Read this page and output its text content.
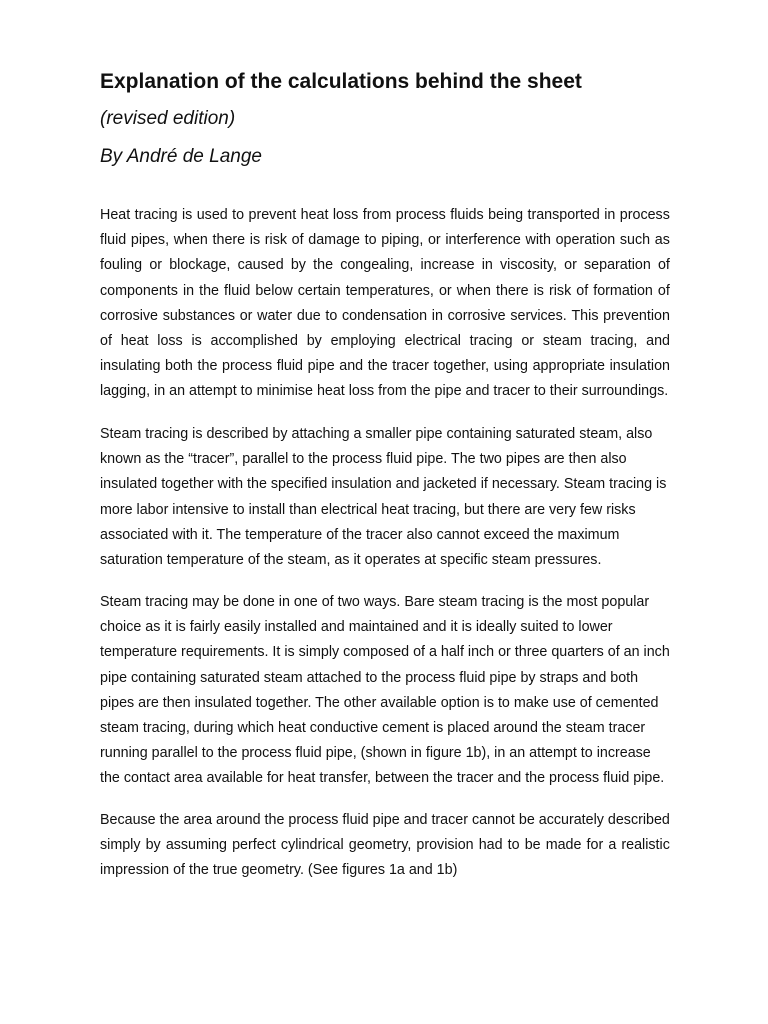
Explanation of the calculations behind the sheet
(revised edition)
By André de Lange
Heat tracing is used to prevent heat loss from process fluids being transported in process
fluid pipes, when there is risk of damage to piping, or interference with operation such as
fouling or blockage, caused by the congealing, increase in viscosity, or separation of
components in the fluid below certain temperatures, or when there is risk of formation of
corrosive substances or water due to condensation in corrosive services. This prevention
of heat loss is accomplished by employing electrical tracing or steam tracing, and
insulating both the process fluid pipe and the tracer together, using appropriate insulation
lagging, in an attempt to minimise heat loss from the pipe and tracer to their surroundings.
Steam tracing is described by attaching a smaller pipe containing saturated steam, also
known as the “tracer”, parallel to the process fluid pipe. The two pipes are then also
insulated together with the specified insulation and jacketed if necessary. Steam tracing is
more labor intensive to install than electrical heat tracing, but there are very few risks
associated with it. The temperature of the tracer also cannot exceed the maximum
saturation temperature of the steam, as it operates at specific steam pressures.
Steam tracing may be done in one of two ways. Bare steam tracing is the most popular
choice as it is fairly easily installed and maintained and it is ideally suited to lower
temperature requirements. It is simply composed of a half inch or three quarters of an inch
pipe containing saturated steam attached to the process fluid pipe by straps and both
pipes are then insulated together. The other available option is to make use of cemented
steam tracing, during which heat conductive cement is placed around the steam tracer
running parallel to the process fluid pipe, (shown in figure 1b), in an attempt to increase
the contact area available for heat transfer, between the tracer and the process fluid pipe.
Because the area around the process fluid pipe and tracer cannot be accurately described
simply by assuming perfect cylindrical geometry, provision had to be made for a realistic
impression of the true geometry. (See figures 1a and 1b)
